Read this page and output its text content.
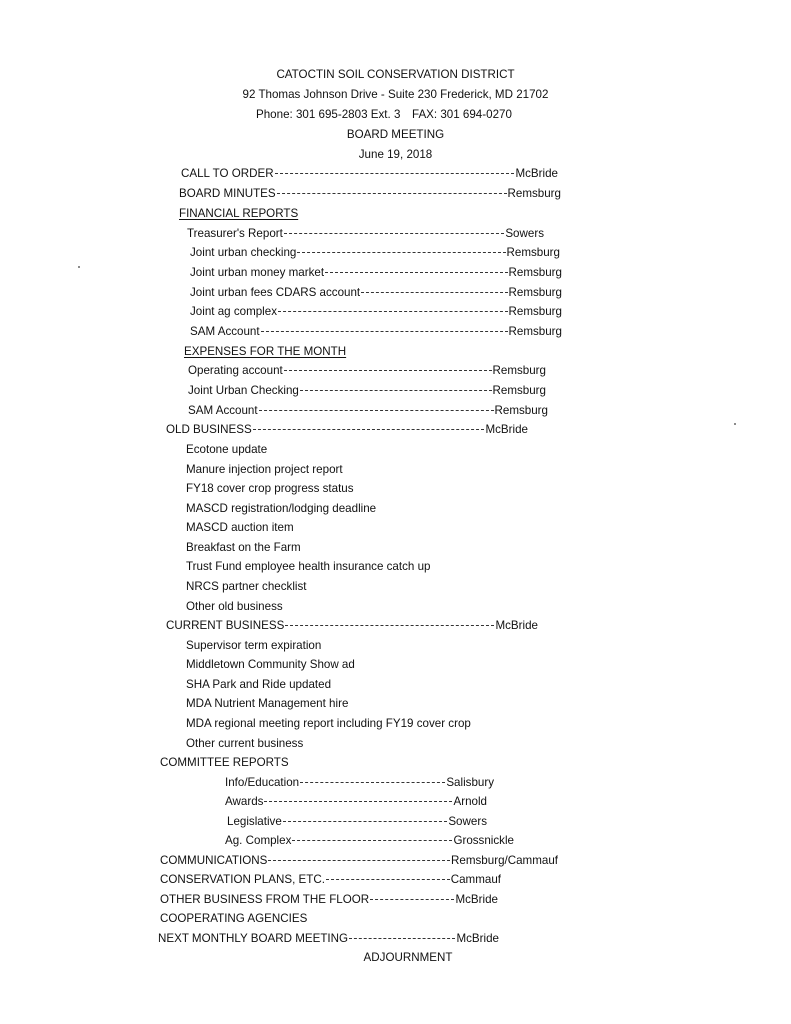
CATOCTIN SOIL CONSERVATION DISTRICT
92 Thomas Johnson Drive - Suite 230 Frederick, MD 21702
Phone: 301 695-2803 Ext. 3 FAX: 301 694-0270
BOARD MEETING
June 19, 2018
CALL TO ORDER	McBride
BOARD MINUTES	Remsburg
FINANCIAL REPORTS
Treasurer's Report	Sowers
Joint urban checking	Remsburg
Joint urban money market	Remsburg
Joint urban fees CDARS account	Remsburg
Joint ag complex	Remsburg
SAM Account	Remsburg
EXPENSES FOR THE MONTH
Operating account	Remsburg
Joint Urban Checking	Remsburg
SAM Account	Remsburg
OLD BUSINESS	McBride
Ecotone update
Manure injection project report
FY18 cover crop progress status
MASCD registration/lodging deadline
MASCD auction item
Breakfast on the Farm
Trust Fund employee health insurance catch up
NRCS partner checklist
Other old business
CURRENT BUSINESS	McBride
Supervisor term expiration
Middletown Community Show ad
SHA Park and Ride updated
MDA Nutrient Management hire
MDA regional meeting report including FY19 cover crop
Other current business
COMMITTEE REPORTS
Info/Education	Salisbury
Awards	Arnold
Legislative	Sowers
Ag. Complex	Grossnickle
COMMUNICATIONS	Remsburg/Cammauf
CONSERVATION PLANS, ETC.	Cammauf
OTHER BUSINESS FROM THE FLOOR	McBride
COOPERATING AGENCIES
NEXT MONTHLY BOARD MEETING	McBride
ADJOURNMENT
